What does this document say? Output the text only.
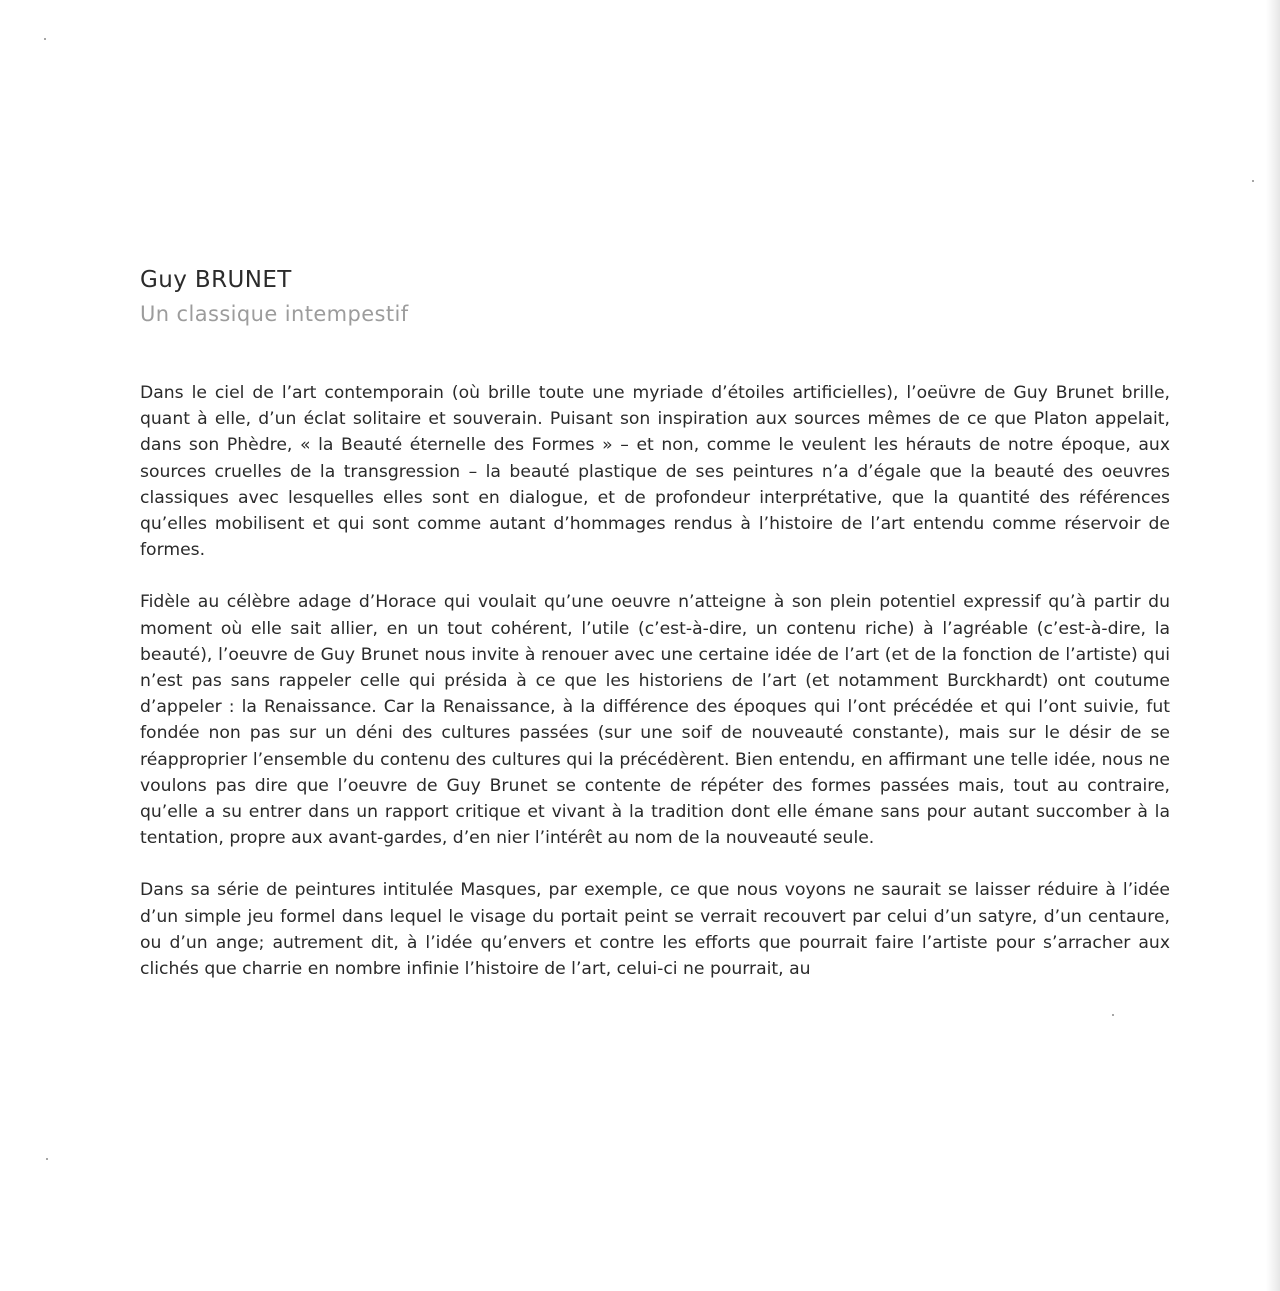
Guy BRUNET
Un classique intempestif

Dans le ciel de l’art contemporain (où brille toute une myriade d’étoiles artificielles), l’oeüvre de Guy Brunet brille, quant à elle, d’un éclat solitaire et souverain. Puisant son inspiration aux sources mêmes de ce que Platon appelait, dans son Phèdre, « la Beauté éternelle des Formes » – et non, comme le veulent les hérauts de notre époque, aux sources cruelles de la transgression – la beauté plastique de ses peintures n’a d’égale que la beauté des oeuvres classiques avec lesquelles elles sont en dialogue, et de profondeur interprétative, que la quantité des références qu’elles mobilisent et qui sont comme autant d’hommages rendus à l’histoire de l’art entendu comme réservoir de formes.

Fidèle au célèbre adage d’Horace qui voulait qu’une oeuvre n’atteigne à son plein potentiel expressif qu’à partir du moment où elle sait allier, en un tout cohérent, l’utile (c’est-à-dire, un contenu riche) à l’agréable (c’est-à-dire, la beauté), l’oeuvre de Guy Brunet nous invite à renouer avec une certaine idée de l’art (et de la fonction de l’artiste) qui n’est pas sans rappeler celle qui présida à ce que les historiens de l’art (et notamment Burckhardt) ont coutume d’appeler : la Renaissance. Car la Renaissance, à la différence des époques qui l’ont précédée et qui l’ont suivie, fut fondée non pas sur un déni des cultures passées (sur une soif de nouveauté constante), mais sur le désir de se réapproprier l’ensemble du contenu des cultures qui la précédèrent. Bien entendu, en affirmant une telle idée, nous ne voulons pas dire que l’oeuvre de Guy Brunet se contente de répéter des formes passées mais, tout au contraire, qu’elle a su entrer dans un rapport critique et vivant à la tradition dont elle émane sans pour autant succomber à la tentation, propre aux avant-gardes, d’en nier l’intérêt au nom de la nouveauté seule.

Dans sa série de peintures intitulée Masques, par exemple, ce que nous voyons ne saurait se laisser réduire à l’idée d’un simple jeu formel dans lequel le visage du portait peint se verrait recouvert par celui d’un satyre, d’un centaure, ou d’un ange; autrement dit, à l’idée qu’envers et contre les efforts que pourrait faire l’artiste pour s’arracher aux clichés que charrie en nombre infinie l’histoire de l’art, celui-ci ne pourrait, au
